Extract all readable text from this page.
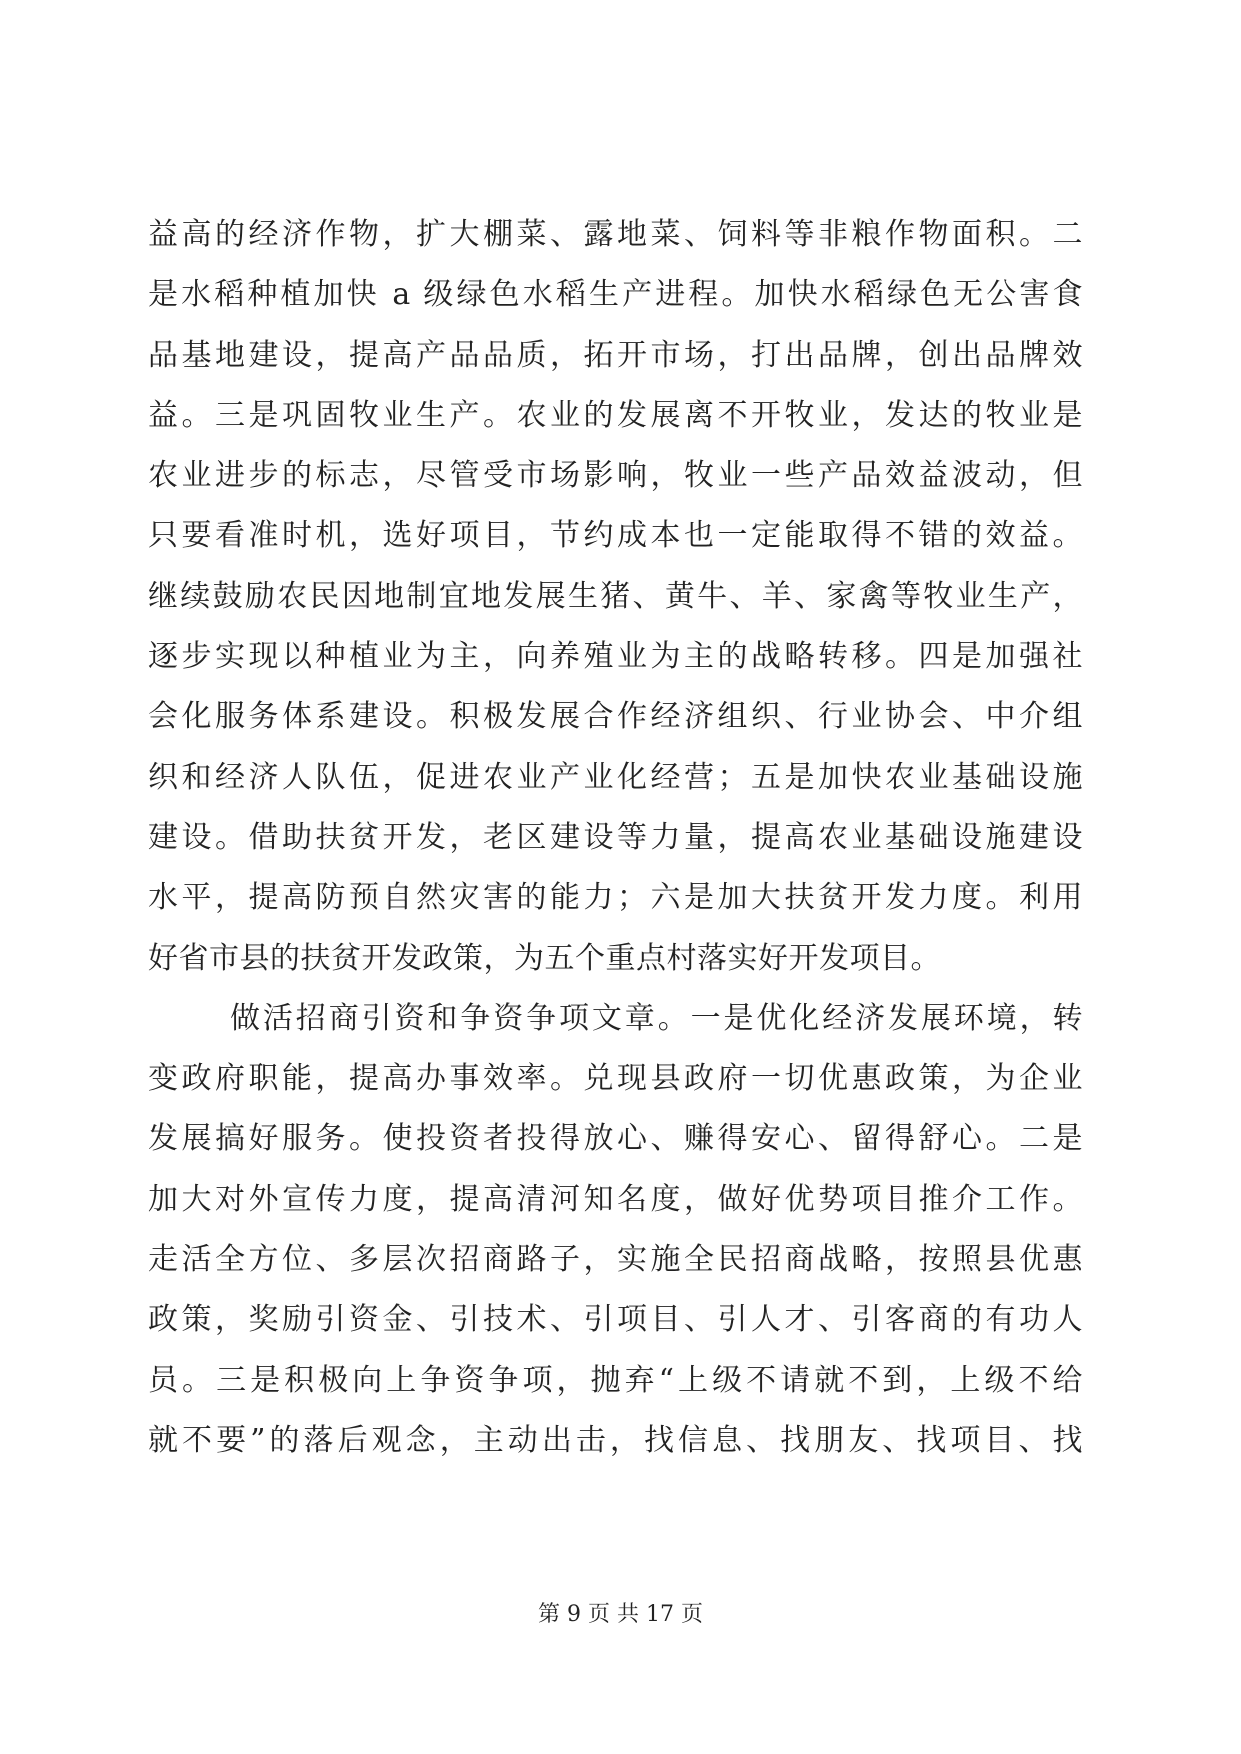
益高的经济作物，扩大棚菜、露地菜、饲料等非粮作物面积。二
是水稻种植加快 a 级绿色水稻生产进程。加快水稻绿色无公害食
品基地建设，提高产品品质，拓开市场，打出品牌，创出品牌效
益。三是巩固牧业生产。农业的发展离不开牧业，发达的牧业是
农业进步的标志，尽管受市场影响，牧业一些产品效益波动，但
只要看准时机，选好项目，节约成本也一定能取得不错的效益。
继续鼓励农民因地制宜地发展生猪、黄牛、羊、家禽等牧业生产，
逐步实现以种植业为主，向养殖业为主的战略转移。四是加强社
会化服务体系建设。积极发展合作经济组织、行业协会、中介组
织和经济人队伍，促进农业产业化经营；五是加快农业基础设施
建设。借助扶贫开发，老区建设等力量，提高农业基础设施建设
水平，提高防预自然灾害的能力；六是加大扶贫开发力度。利用
好省市县的扶贫开发政策，为五个重点村落实好开发项目。
做活招商引资和争资争项文章。一是优化经济发展环境，转
变政府职能，提高办事效率。兑现县政府一切优惠政策，为企业
发展搞好服务。使投资者投得放心、赚得安心、留得舒心。二是
加大对外宣传力度，提高清河知名度，做好优势项目推介工作。
走活全方位、多层次招商路子，实施全民招商战略，按照县优惠
政策，奖励引资金、引技术、引项目、引人才、引客商的有功人
员。三是积极向上争资争项，抛弃“上级不请就不到，上级不给
就不要”的落后观念，主动出击，找信息、找朋友、找项目、找
第 9 页 共 17 页
